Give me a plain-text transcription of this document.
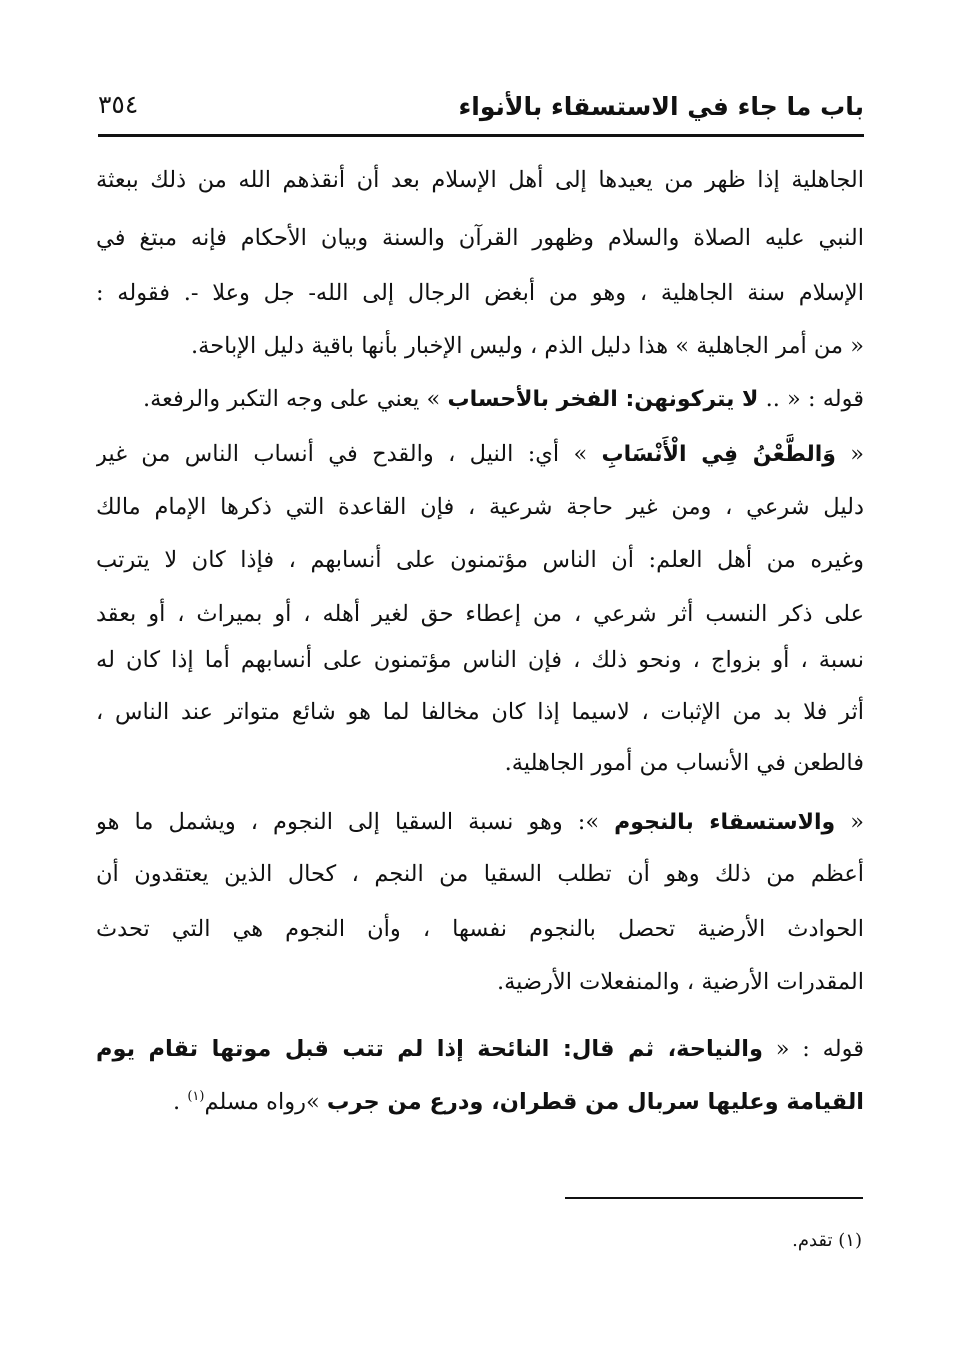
باب ما جاء في الاستسقاء بالأنواء
٣٥٤
الجاهلية إذا ظهر من يعيدها إلى أهل الإسلام بعد أن أنقذهم الله من ذلك ببعثة
النبي عليه الصلاة والسلام وظهور القرآن والسنة وبيان الأحكام فإنه مبتغ في
الإسلام سنة الجاهلية ، وهو من أبغض الرجال إلى الله- جل وعلا -. فقوله :
« من أمر الجاهلية » هذا دليل الذم ، وليس الإخبار بأنها باقية دليل الإباحة.
قوله : « .. لا يتركونهن: الفخر بالأحساب » يعني على وجه التكبر والرفعة.
« وَالطَّعْنُ فِي الْأَنْسَابِ » أي: النيل ، والقدح في أنساب الناس من غير
دليل شرعي ، ومن غير حاجة شرعية ، فإن القاعدة التي ذكرها الإمام مالك
وغيره من أهل العلم: أن الناس مؤتمنون على أنسابهم ، فإذا كان لا يترتب
على ذكر النسب أثر شرعي ، من إعطاء حق لغير أهله ، أو بميراث ، أو بعقد
نسبة ، أو بزواج ، ونحو ذلك ، فإن الناس مؤتمنون على أنسابهم أما إذا كان له
أثر فلا بد من الإثبات ، لاسيما إذا كان مخالفا لما هو شائع متواتر عند الناس ،
فالطعن في الأنساب من أمور الجاهلية.
« والاستسقاء بالنجوم »: وهو نسبة السقيا إلى النجوم ، ويشمل ما هو
أعظم من ذلك وهو أن تطلب السقيا من النجم ، كحال الذين يعتقدون أن
الحوادث الأرضية تحصل بالنجوم نفسها ، وأن النجوم هي التي تحدث
المقدرات الأرضية ، والمنفعلات الأرضية.
قوله : « والنياحة، ثم قال: النائحة إذا لم تتب قبل موتها تقام يوم
القيامة وعليها سربال من قطران، ودرع من جرب »رواه مسلم$^{(١)}$ .
(١) تقدم.
